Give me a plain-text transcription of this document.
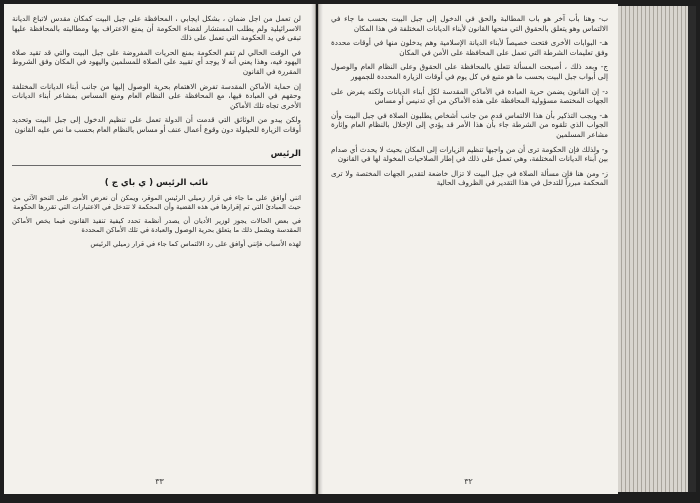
لن تعمل من اجل ضمان ، بشكل ايجابي ، المحافظة على جبل البيت كمكان مقدس لاتباع الديانة الاسرائيلية ولم يطلب المستشار لقضاء الحكومة أن يمنع الاعتراف بها ومطالبته بالمحافظة عليها تبقى في يد الحكومة التي تعمل على ذلك

في الوقت الحالي لم تقم الحكومة بمنع الحريات المفروضة على جبل البيت والتي قد تقيد صلاة اليهود فيه، وهذا يعني أنه لا يوجد أي تقييد على الصلاة للمسلمين واليهود في المكان وفق الشروط المقررة في القانون

إن حماية الأماكن المقدسة تفرض الاهتمام بحرية الوصول إليها من جانب أبناء الديانات المختلفة وحقهم في العبادة فيها، مع المحافظة على النظام العام ومنع المساس بمشاعر أبناء الديانات الأخرى تجاه تلك الأماكن

ولكن يبدو من الوثائق التي قدمت أن الدولة تعمل على تنظيم الدخول إلى جبل البيت وتحديد أوقات الزيارة للحيلولة دون وقوع أعمال عنف أو مساس بالنظام العام بحسب ما نص عليه القانون

الرئيس
نائب الرئيس ( ي باي ج )

انني أوافق على ما جاء في قرار زميلي الرئيس الموقر، ويمكن أن نعرض الأمور على النحو الآتي من حيث المبادئ التي تم إقرارها في هذه القضية وأن المحكمة لا تتدخل في الاعتبارات التي تقررها الحكومة

في بعض الحالات يجوز لوزير الأديان أن يصدر أنظمة تحدد كيفية تنفيذ القانون فيما يخص الأماكن المقدسة ويشمل ذلك ما يتعلق بحرية الوصول والعبادة في تلك الأماكن المحددة

لهذه الأسباب فإنني أوافق على رد الالتماس كما جاء في قرار زميلي الرئيس

٣٣

ب- وهنا بأب آخر هو باب المطالبة والحق في الدخول إلى جبل البيت بحسب ما جاء في الالتماس وهو يتعلق بالحقوق التي منحها القانون لأبناء الديانات المختلفة في هذا المكان

هـ- البوابات الأخرى فتحت خصيصاً لأبناء الديانة الإسلامية وهم يدخلون منها في أوقات محددة وفق تعليمات الشرطة التي تعمل على المحافظة على الأمن في المكان

ج- وبعد ذلك ، أصبحت المسألة تتعلق بالمحافظة على الحقوق وعلى النظام العام والوصول إلى أبواب جبل البيت بحسب ما هو متبع في كل يوم في أوقات الزيارة المحددة للجمهور

د- إن القانون يضمن حرية العبادة في الأماكن المقدسة لكل أبناء الديانات ولكنه يفرض على الجهات المختصة مسؤولية المحافظة على هذه الأماكن من أي تدنيس أو مساس

هـ- ويجب التذكير بأن هذا الالتماس قدم من جانب أشخاص يطلبون الصلاة في جبل البيت وأن الجواب الذي تلقوه من الشرطة جاء بأن هذا الأمر قد يؤدي إلى الإخلال بالنظام العام وإثارة مشاعر المسلمين

و- ولذلك فإن الحكومة ترى أن من واجبها تنظيم الزيارات إلى المكان بحيث لا يحدث أي صدام بين أبناء الديانات المختلفة، وهي تعمل على ذلك في إطار الصلاحيات المخولة لها في القانون

ز- ومن هنا فإن مسألة الصلاة في جبل البيت لا تزال خاضعة لتقدير الجهات المختصة ولا ترى المحكمة مبرراً للتدخل في هذا التقدير في الظروف الحالية

٣٢
